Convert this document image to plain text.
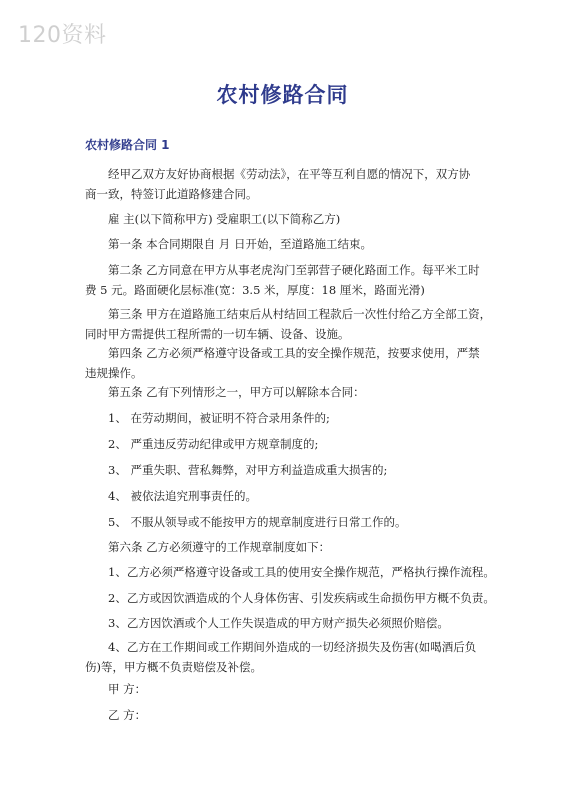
120资料
农村修路合同
农村修路合同 1
经甲乙双方友好协商根据《劳动法》，在平等互利自愿的情况下，双方协
商一致，特签订此道路修建合同。
雇 主(以下简称甲方) 受雇职工(以下简称乙方)
第一条 本合同期限自 月 日开始，至道路施工结束。
第二条 乙方同意在甲方从事老虎沟门至郭营子硬化路面工作。每平米工时
费 5 元。路面硬化层标准(宽：3.5 米，厚度：18 厘米，路面光滑)
第三条 甲方在道路施工结束后从村结回工程款后一次性付给乙方全部工资，
同时甲方需提供工程所需的一切车辆、设备、设施。
第四条 乙方必须严格遵守设备或工具的安全操作规范，按要求使用，严禁
违规操作。
第五条 乙有下列情形之一，甲方可以解除本合同：
1、 在劳动期间，被证明不符合录用条件的;
2、 严重违反劳动纪律或甲方规章制度的;
3、 严重失职、营私舞弊，对甲方利益造成重大损害的;
4、 被依法追究刑事责任的。
5、 不服从领导或不能按甲方的规章制度进行日常工作的。
第六条 乙方必须遵守的工作规章制度如下：
1、乙方必须严格遵守设备或工具的使用安全操作规范，严格执行操作流程。
2、乙方或因饮酒造成的个人身体伤害、引发疾病或生命损伤甲方概不负责。
3、乙方因饮酒或个人工作失误造成的甲方财产损失必须照价赔偿。
4、乙方在工作期间或工作期间外造成的一切经济损失及伤害(如喝酒后负
伤)等，甲方概不负责赔偿及补偿。
甲 方：
乙 方：
